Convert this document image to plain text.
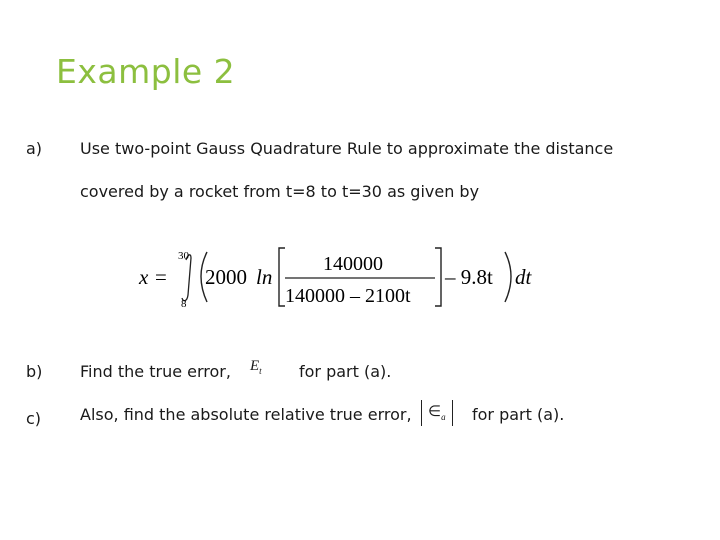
Example 2
a) Use two-point Gauss Quadrature Rule to approximate the distance
covered by a rocket from t=8 to t=30 as given by
x =
30
8
2000 ln
140000
140000 – 2100t
– 9.8t dt
b) Find the true error, $E_t$ for part (a).
c) Also, find the absolute relative true error,	$\in_a$	for part (a).
